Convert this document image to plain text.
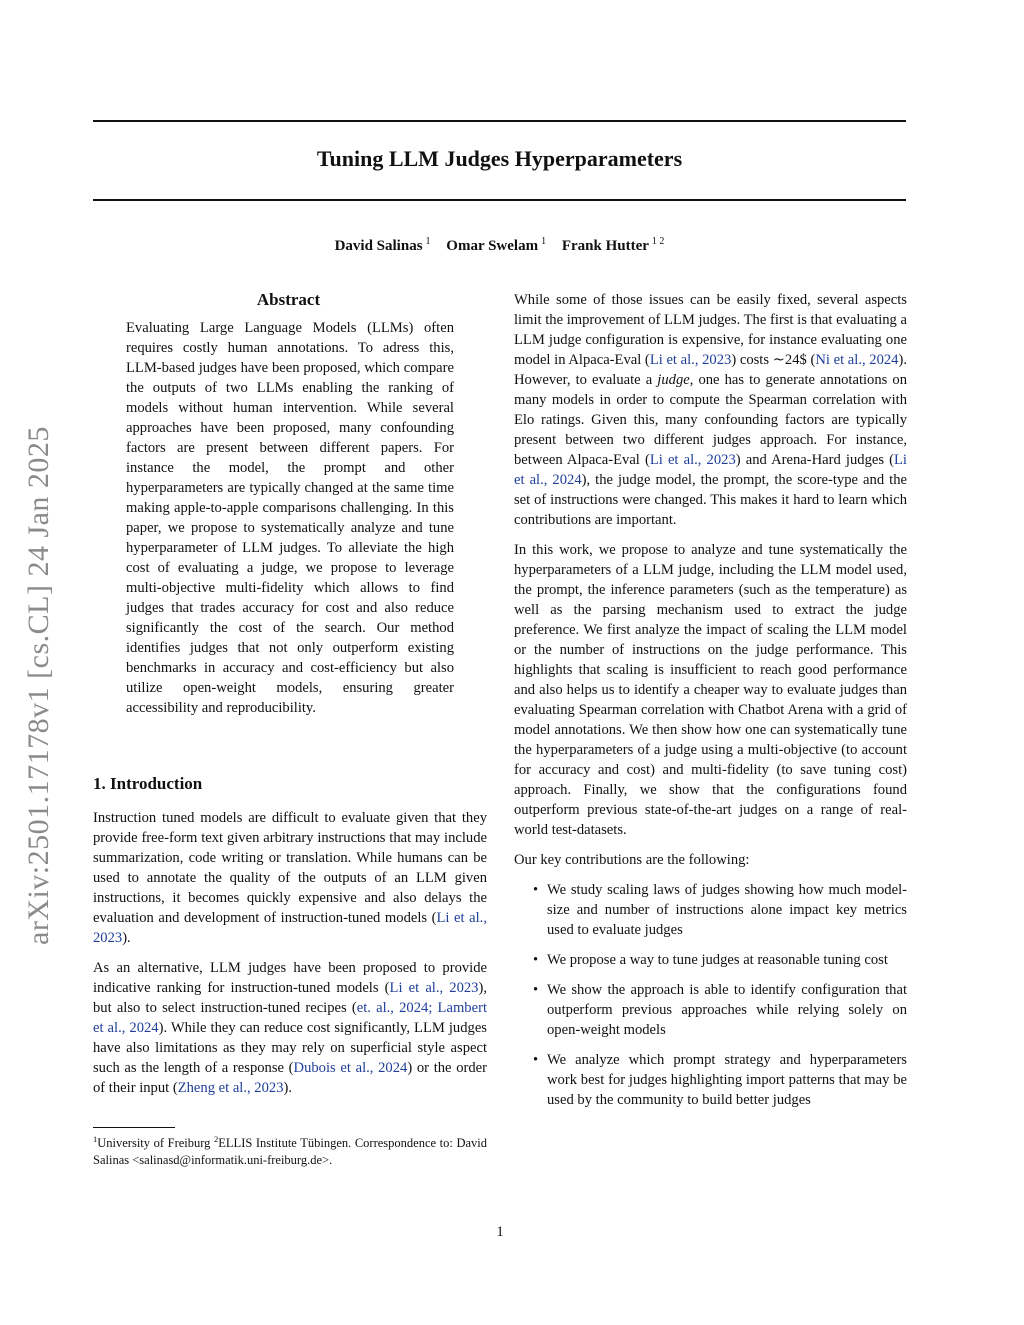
Tuning LLM Judges Hyperparameters
David Salinas $^1$ Omar Swelam $^1$ Frank Hutter $^{1 2}$
arXiv:2501.17178v1 [cs.CL] 24 Jan 2025
Abstract
Evaluating Large Language Models (LLMs) often requires costly human annotations. To adress this, LLM-based judges have been proposed, which compare the outputs of two LLMs enabling the ranking of models without human intervention. While several approaches have been proposed, many confounding factors are present between different papers. For instance the model, the prompt and other hyperparameters are typically changed at the same time making apple-to-apple comparisons challenging. In this paper, we propose to systematically analyze and tune hyperparameter of LLM judges. To alleviate the high cost of evaluating a judge, we propose to leverage multi-objective multi-fidelity which allows to find judges that trades accuracy for cost and also reduce significantly the cost of the search. Our method identifies judges that not only outperform existing benchmarks in accuracy and cost-efficiency but also utilize open-weight models, ensuring greater accessibility and reproducibility.
1. Introduction

Instruction tuned models are difficult to evaluate given that they provide free-form text given arbitrary instructions that may include summarization, code writing or translation. While humans can be used to annotate the quality of the outputs of an LLM given instructions, it becomes quickly expensive and also delays the evaluation and development of instruction-tuned models (Li et al., 2023).

As an alternative, LLM judges have been proposed to provide indicative ranking for instruction-tuned models (Li et al., 2023), but also to select instruction-tuned recipes (et. al., 2024; Lambert et al., 2024). While they can reduce cost significantly, LLM judges have also limitations as they may rely on superficial style aspect such as the length of a response (Dubois et al., 2024) or the order of their input (Zheng et al., 2023).

$^1$University of Freiburg $^2$ELLIS Institute Tübingen. Correspondence to: David Salinas <salinasd@informatik.uni-freiburg.de>.

While some of those issues can be easily fixed, several aspects limit the improvement of LLM judges. The first is that evaluating a LLM judge configuration is expensive, for instance evaluating one model in Alpaca-Eval (Li et al., 2023) costs ∼24$ (Ni et al., 2024). However, to evaluate a judge, one has to generate annotations on many models in order to compute the Spearman correlation with Elo ratings. Given this, many confounding factors are typically present between two different judges approach. For instance, between Alpaca-Eval (Li et al., 2023) and Arena-Hard judges (Li et al., 2024), the judge model, the prompt, the score-type and the set of instructions were changed. This makes it hard to learn which contributions are important.

In this work, we propose to analyze and tune systematically the hyperparameters of a LLM judge, including the LLM model used, the prompt, the inference parameters (such as the temperature) as well as the parsing mechanism used to extract the judge preference. We first analyze the impact of scaling the LLM model or the number of instructions on the judge performance. This highlights that scaling is insufficient to reach good performance and also helps us to identify a cheaper way to evaluate judges than evaluating Spearman correlation with Chatbot Arena with a grid of model annotations. We then show how one can systematically tune the hyperparameters of a judge using a multi-objective (to account for accuracy and cost) and multi-fidelity (to save tuning cost) approach. Finally, we show that the configurations found outperform previous state-of-the-art judges on a range of real-world test-datasets.

Our key contributions are the following:

• We study scaling laws of judges showing how much model-size and number of instructions alone impact key metrics used to evaluate judges
• We propose a way to tune judges at reasonable tuning cost
• We show the approach is able to identify configuration that outperform previous approaches while relying solely on open-weight models
• We analyze which prompt strategy and hyperparameters work best for judges highlighting import patterns that may be used by the community to build better judges
1
